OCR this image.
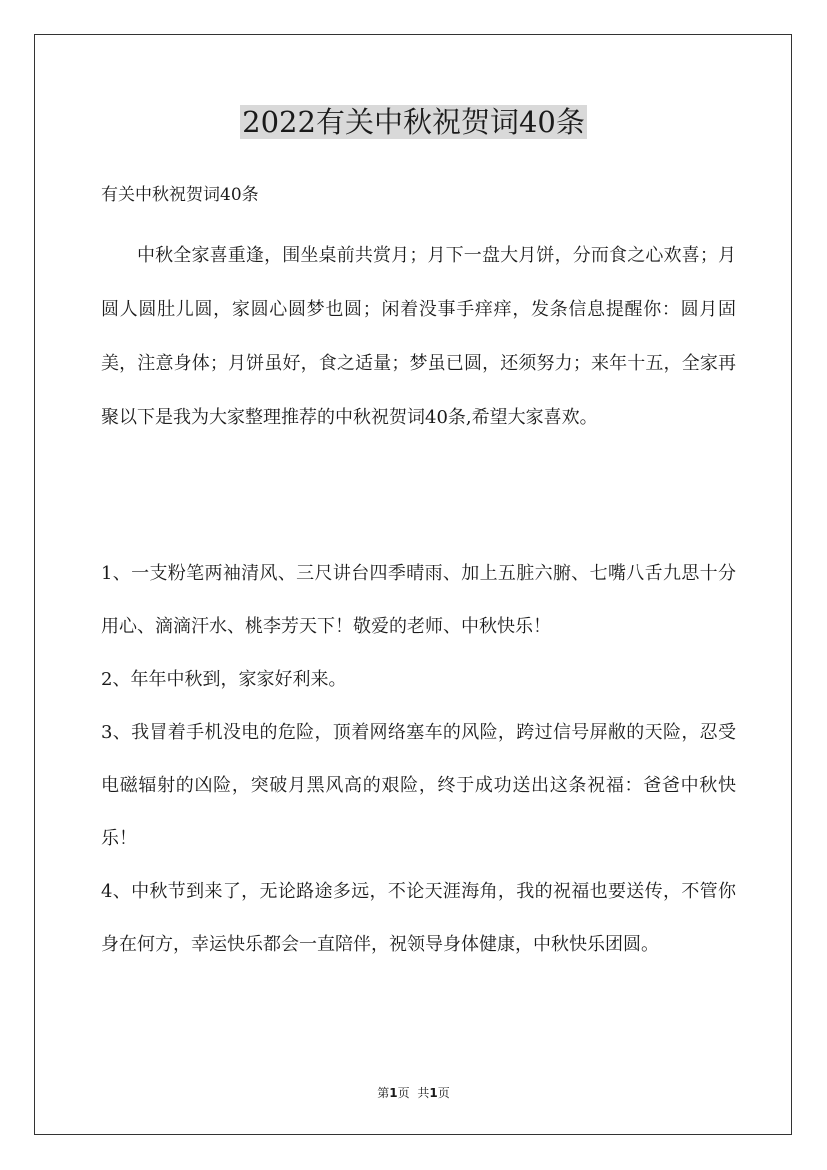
2022有关中秋祝贺词40条

有关中秋祝贺词40条

中秋全家喜重逢，围坐桌前共赏月；月下一盘大月饼，分而食之心欢喜；月圆人圆肚儿圆，家圆心圆梦也圆；闲着没事手痒痒，发条信息提醒你：圆月固美，注意身体；月饼虽好，食之适量；梦虽已圆，还须努力；来年十五，全家再聚以下是我为大家整理推荐的中秋祝贺词40条,希望大家喜欢。

1、一支粉笔两袖清风、三尺讲台四季晴雨、加上五脏六腑、七嘴八舌九思十分用心、滴滴汗水、桃李芳天下！敬爱的老师、中秋快乐！

2、年年中秋到，家家好利来。

3、我冒着手机没电的危险，顶着网络塞车的风险，跨过信号屏敝的天险，忍受电磁辐射的凶险，突破月黑风高的艰险，终于成功送出这条祝福：爸爸中秋快乐！

4、中秋节到来了，无论路途多远，不论天涯海角，我的祝福也要送传，不管你身在何方，幸运快乐都会一直陪伴，祝领导身体健康，中秋快乐团圆。

第1页 共1页
